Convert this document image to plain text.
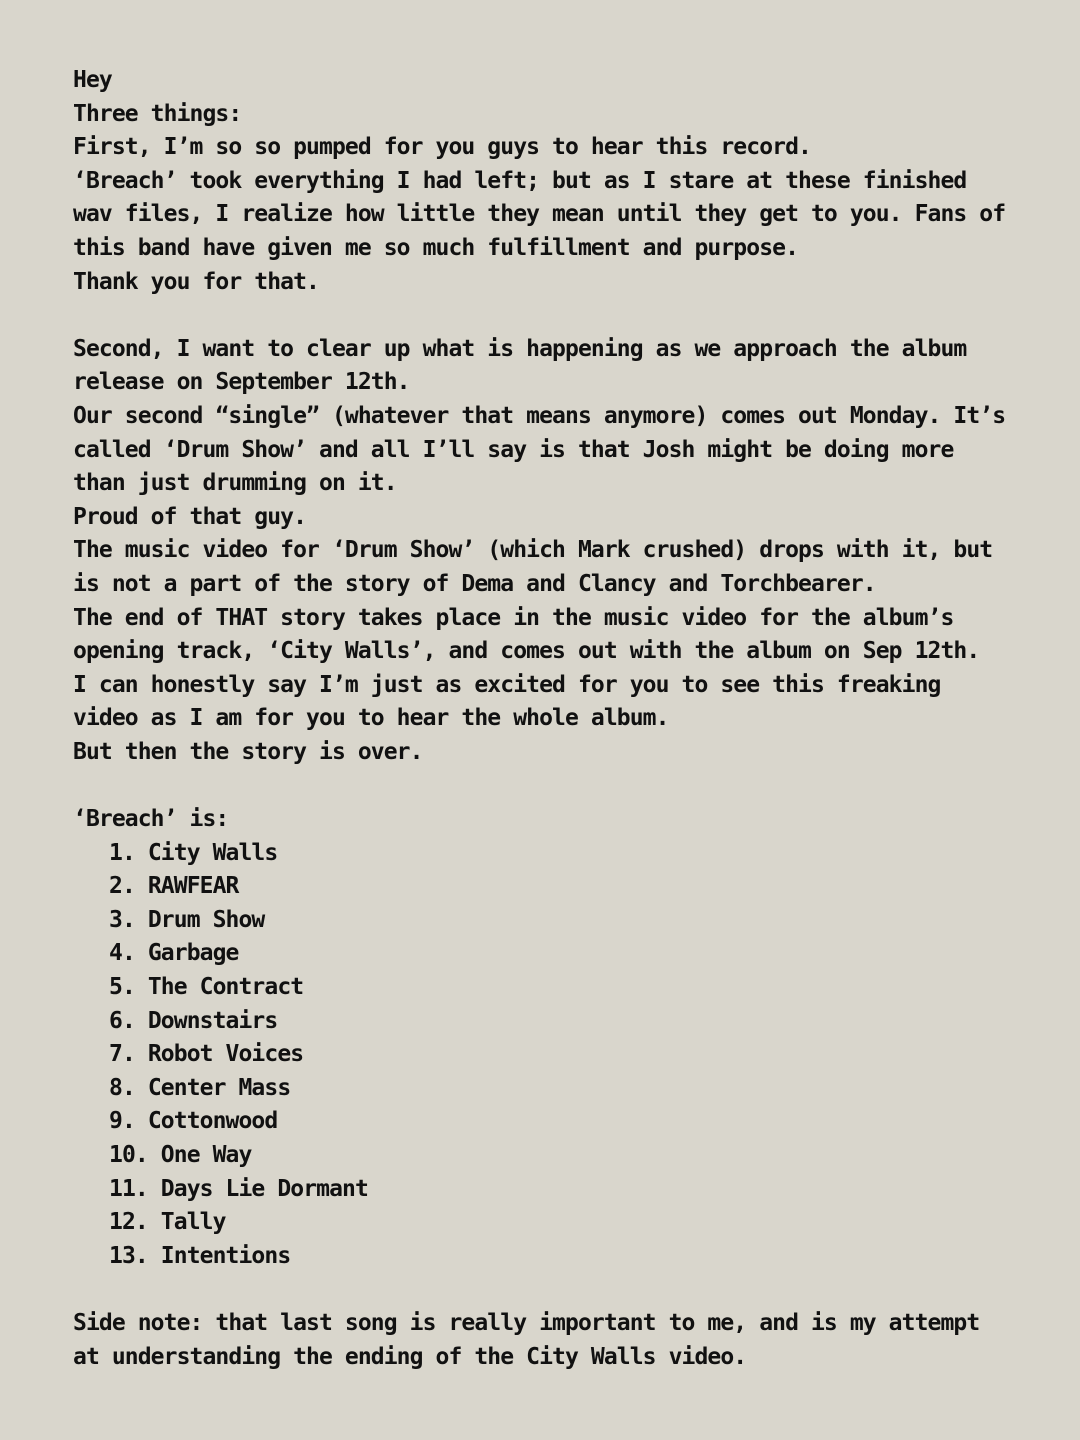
Hey
Three things:
First, I’m so so pumped for you guys to hear this record.
‘Breach’ took everything I had left; but as I stare at these finished wav files, I realize how little they mean until they get to you. Fans of this band have given me so much fulfillment and purpose.
Thank you for that.
Second, I want to clear up what is happening as we approach the album release on September 12th.
Our second “single” (whatever that means anymore) comes out Monday. It’s called ‘Drum Show’ and all I’ll say is that Josh might be doing more than just drumming on it.
Proud of that guy.
The music video for ‘Drum Show’ (which Mark crushed) drops with it, but is not a part of the story of Dema and Clancy and Torchbearer.
The end of THAT story takes place in the music video for the album’s opening track, ‘City Walls’, and comes out with the album on Sep 12th.
I can honestly say I’m just as excited for you to see this freaking video as I am for you to hear the whole album.
But then the story is over.
‘Breach’ is:
1. City Walls
2. RAWFEAR
3. Drum Show
4. Garbage
5. The Contract
6. Downstairs
7. Robot Voices
8. Center Mass
9. Cottonwood
10. One Way
11. Days Lie Dormant
12. Tally
13. Intentions
Side note: that last song is really important to me, and is my attempt at understanding the ending of the City Walls video.
